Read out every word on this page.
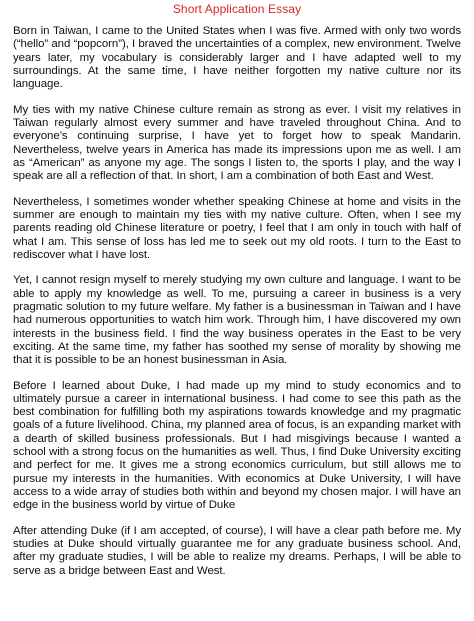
Short Application Essay

Born in Taiwan, I came to the United States when I was five. Armed with only two words (“hello” and “popcorn”), I braved the uncertainties of a complex, new environment. Twelve years later, my vocabulary is considerably larger and I have adapted well to my surroundings. At the same time, I have neither forgotten my native culture nor its language.

My ties with my native Chinese culture remain as strong as ever. I visit my relatives in Taiwan regularly almost every summer and have traveled throughout China. And to everyone’s continuing surprise, I have yet to forget how to speak Mandarin. Nevertheless, twelve years in America has made its impressions upon me as well. I am as “American” as anyone my age. The songs I listen to, the sports I play, and the way I speak are all a reflection of that. In short, I am a combination of both East and West.

Nevertheless, I sometimes wonder whether speaking Chinese at home and visits in the summer are enough to maintain my ties with my native culture. Often, when I see my parents reading old Chinese literature or poetry, I feel that I am only in touch with half of what I am. This sense of loss has led me to seek out my old roots. I turn to the East to rediscover what I have lost.

Yet, I cannot resign myself to merely studying my own culture and language. I want to be able to apply my knowledge as well. To me, pursuing a career in business is a very pragmatic solution to my future welfare. My father is a businessman in Taiwan and I have had numerous opportunities to watch him work. Through him, I have discovered my own interests in the business field. I find the way business operates in the East to be very exciting. At the same time, my father has soothed my sense of morality by showing me that it is possible to be an honest businessman in Asia.

Before I learned about Duke, I had made up my mind to study economics and to ultimately pursue a career in international business. I had come to see this path as the best combination for fulfilling both my aspirations towards knowledge and my pragmatic goals of a future livelihood. China, my planned area of focus, is an expanding market with a dearth of skilled business professionals. But I had misgivings because I wanted a school with a strong focus on the humanities as well. Thus, I find Duke University exciting and perfect for me. It gives me a strong economics curriculum, but still allows me to pursue my interests in the humanities. With economics at Duke University, I will have access to a wide array of studies both within and beyond my chosen major. I will have an edge in the business world by virtue of Duke

After attending Duke (if I am accepted, of course), I will have a clear path before me. My studies at Duke should virtually guarantee me for any graduate business school. And, after my graduate studies, I will be able to realize my dreams. Perhaps, I will be able to serve as a bridge between East and West.
